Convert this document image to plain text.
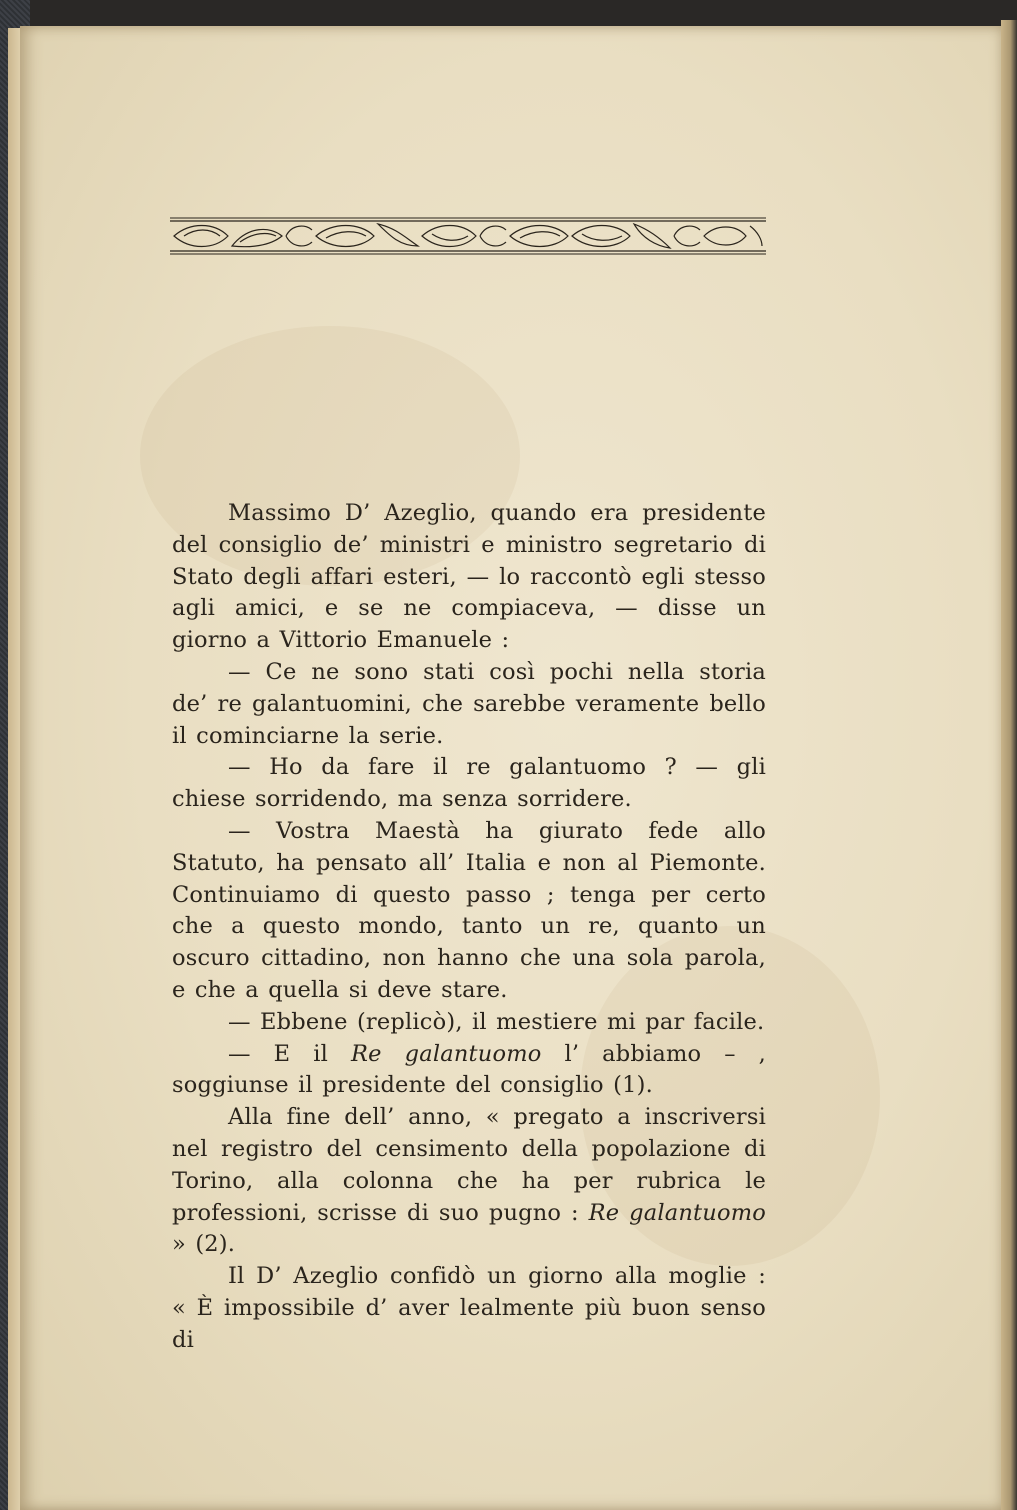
Massimo D’ Azeglio, quando era presidente del consiglio de’ ministri e ministro segretario di Stato degli affari esteri, — lo raccontò egli stesso agli amici, e se ne compiaceva, — disse un giorno a Vittorio Emanuele :

— Ce ne sono stati così pochi nella storia de’ re galantuomini, che sarebbe veramente bello il cominciarne la serie.

— Ho da fare il re galantuomo ? — gli chiese sorridendo, ma senza sorridere.

— Vostra Maestà ha giurato fede allo Statuto, ha pensato all’ Italia e non al Piemonte. Continuiamo di questo passo ; tenga per certo che a questo mondo, tanto un re, quanto un oscuro cittadino, non hanno che una sola parola, e che a quella si deve stare.

— Ebbene (replicò), il mestiere mi par facile.

— E il Re galantuomo l’ abbiamo – , soggiunse il presidente del consiglio (1).

Alla fine dell’ anno, « pregato a inscriversi nel registro del censimento della popolazione di Torino, alla colonna che ha per rubrica le professioni, scrisse di suo pugno : Re galantuomo » (2).

Il D’ Azeglio confidò un giorno alla moglie : « È impossibile d’ aver lealmente più buon senso di
